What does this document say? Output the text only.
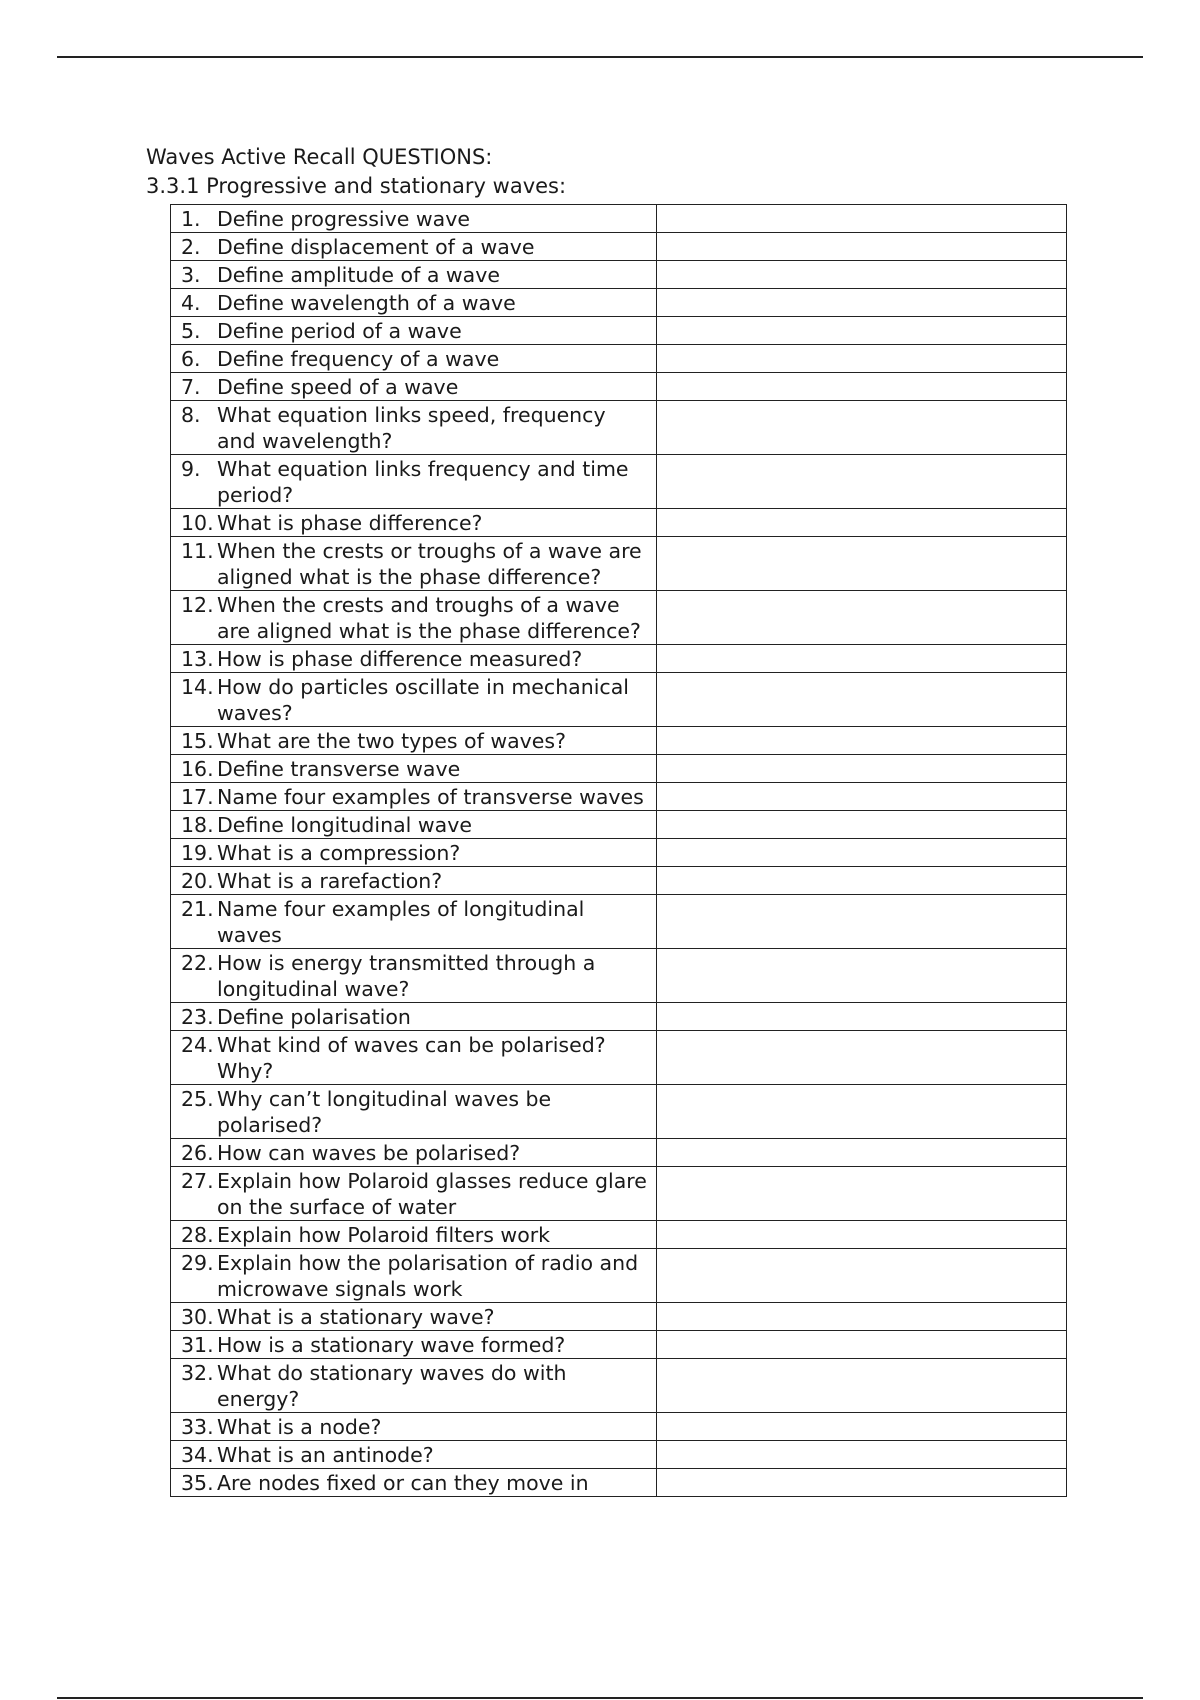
Waves Active Recall QUESTIONS:
3.3.1 Progressive and stationary waves:
1. Define progressive wave	

2. Define displacement of a wave	

3. Define amplitude of a wave	

4. Define wavelength of a wave	

5. Define period of a wave	

6. Define frequency of a wave	

7. Define speed of a wave	

8. What equation links speed, frequency and wavelength?	

9. What equation links frequency and time period?	

10. What is phase difference?	

11. When the crests or troughs of a wave are aligned what is the phase difference?	

12. When the crests and troughs of a wave are aligned what is the phase difference?	

13. How is phase difference measured?	

14. How do particles oscillate in mechanical waves?	

15. What are the two types of waves?	

16. Define transverse wave	

17. Name four examples of transverse waves	

18. Define longitudinal wave	

19. What is a compression?	

20. What is a rarefaction?	

21. Name four examples of longitudinal waves	

22. How is energy transmitted through a longitudinal wave?	

23. Define polarisation	

24. What kind of waves can be polarised? Why?	

25. Why can’t longitudinal waves be polarised?	

26. How can waves be polarised?	

27. Explain how Polaroid glasses reduce glare on the surface of water	

28. Explain how Polaroid filters work	

29. Explain how the polarisation of radio and microwave signals work	

30. What is a stationary wave?	

31. How is a stationary wave formed?	

32. What do stationary waves do with energy?	

33. What is a node?	

34. What is an antinode?	

35. Are nodes fixed or can they move in	
